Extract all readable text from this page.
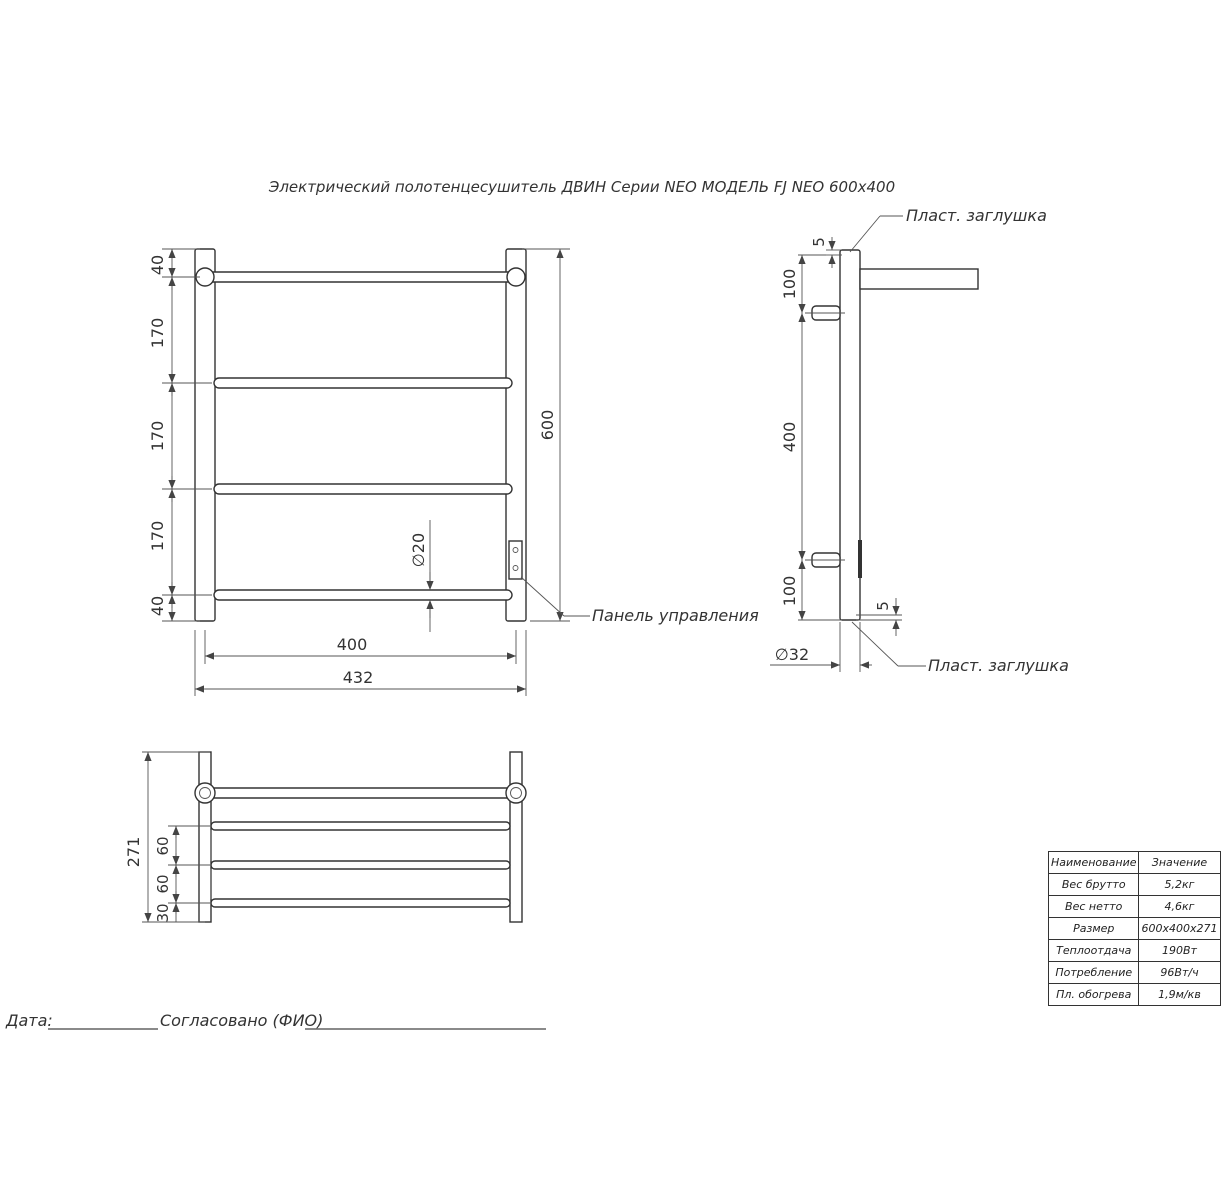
Электрический полотенцесушитель ДВИН Серии NEO МОДЕЛЬ FJ NEO 600x400
40
170
170
170
40
600
∅20
400
432
Панель управления
5
100
400
100	5
∅32
Пласт. заглушка
Пласт. заглушка
271 60
60
30
Дата:	Согласовано (ФИО)
Наименование	Значение
Вес брутто	5,2кг
Вес нетто	4,6кг
Размер	600x400x271
Теплоотдача	190Вт
Потребление	96Вт/ч
Пл. обогрева	1,9м/кв
